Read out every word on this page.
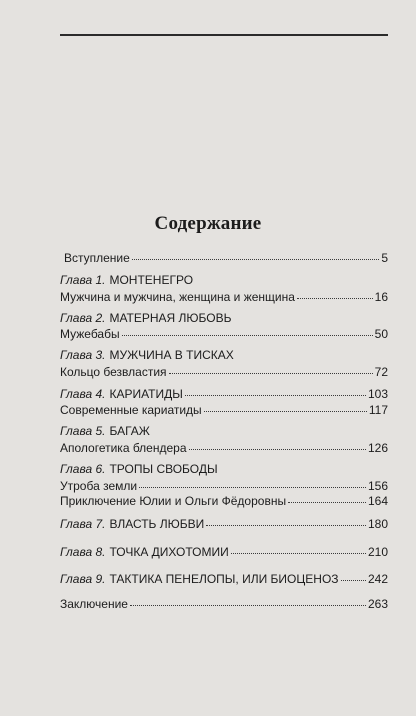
Содержание
Вступление	5
Глава 1. МОНТЕНЕГРО
Мужчина и мужчина, женщина и женщина	16
Глава 2. МАТЕРНАЯ ЛЮБОВЬ
Мужебабы	50
Глава 3. МУЖЧИНА В ТИСКАХ
Кольцо безвластия	72
Глава 4. КАРИАТИДЫ	103
Современные кариатиды	117
Глава 5. БАГАЖ
Апологетика блендера	126
Глава 6. ТРОПЫ СВОБОДЫ
Утроба земли	156
Приключение Юлии и Ольги Фёдоровны	164
Глава 7. ВЛАСТЬ ЛЮБВИ	180
Глава 8. ТОЧКА ДИХОТОМИИ	210
Глава 9. ТАКТИКА ПЕНЕЛОПЫ, ИЛИ БИОЦЕНОЗ 242
Заключение	263
